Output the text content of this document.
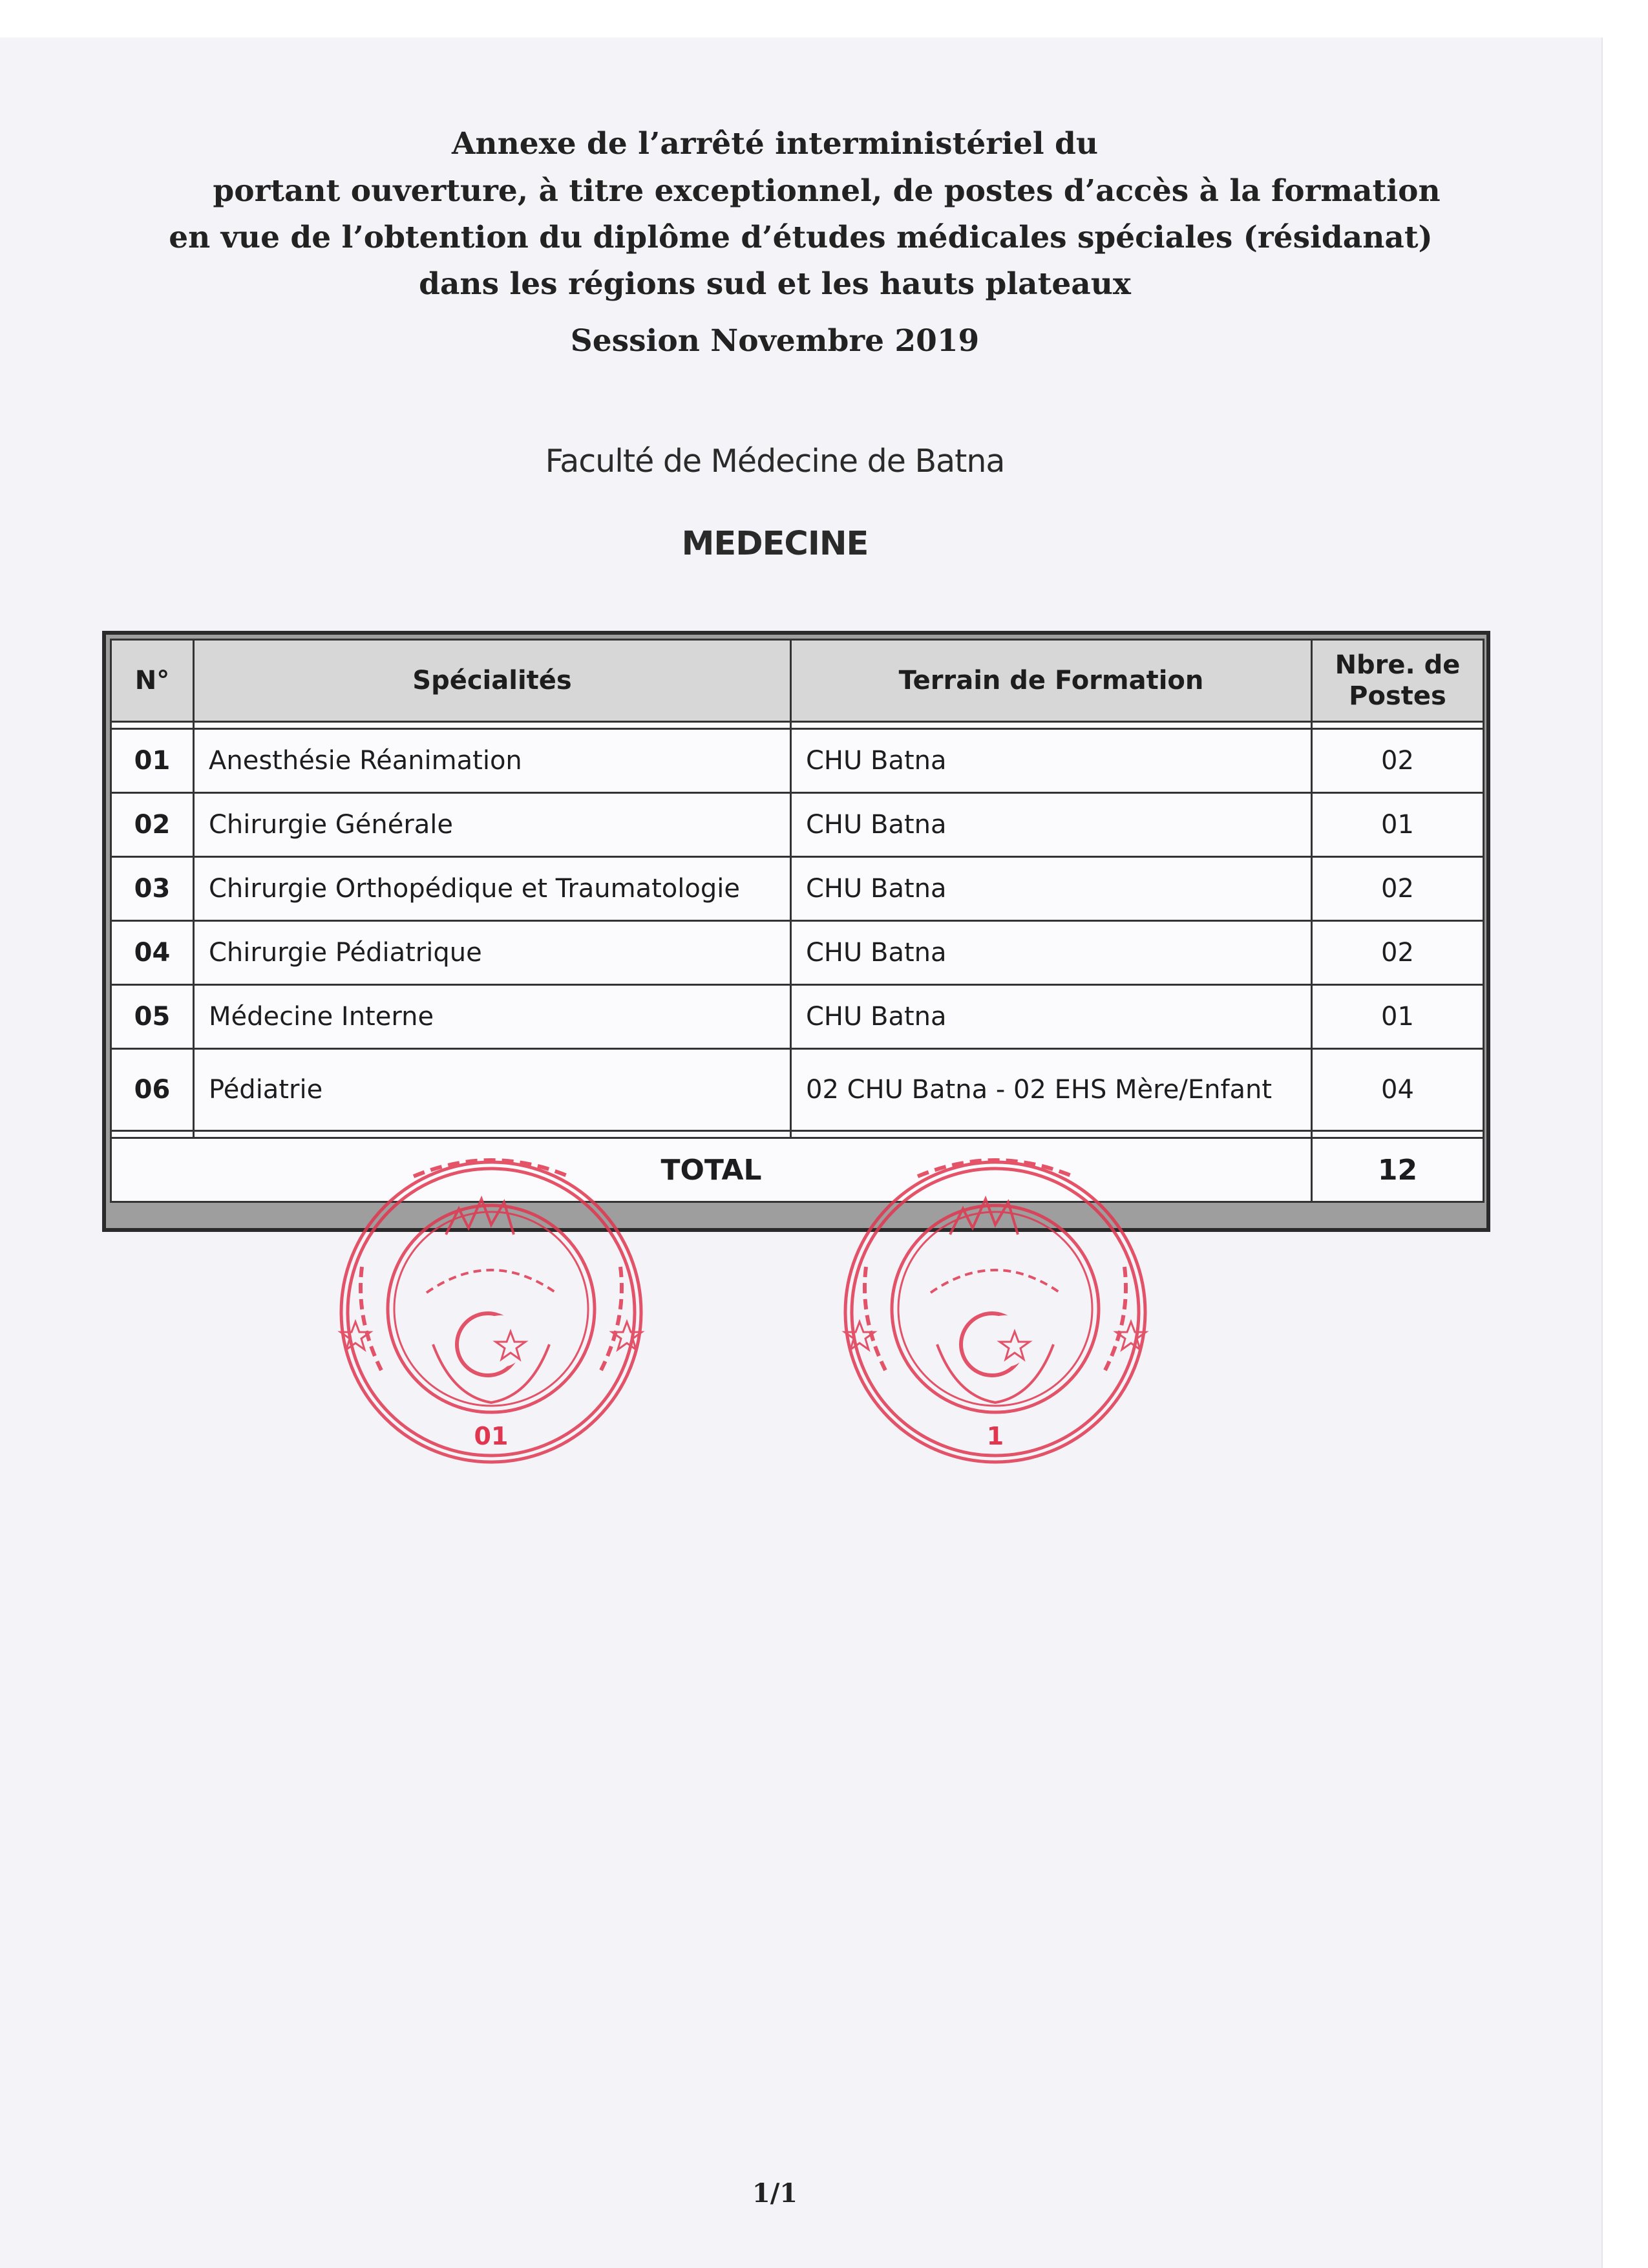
Annexe de l’arrêté interministériel du
portant ouverture, à titre exceptionnel, de postes d’accès à la formation
en vue de l’obtention du diplôme d’études médicales spéciales (résidanat)
dans les régions sud et les hauts plateaux
Session Novembre 2019
Faculté de Médecine de Batna
MEDECINE
N°	Spécialités	Terrain de Formation	Nbre. de Postes

01	Anesthésie Réanimation	CHU Batna	02
02	Chirurgie Générale	CHU Batna	01
03	Chirurgie Orthopédique et Traumatologie	CHU Batna	02
04	Chirurgie Pédiatrique	CHU Batna	02
05	Médecine Interne	CHU Batna	01
06	Pédiatrie	02 CHU Batna - 02 EHS Mère/Enfant	04

TOTAL			12
01	1
1/1
